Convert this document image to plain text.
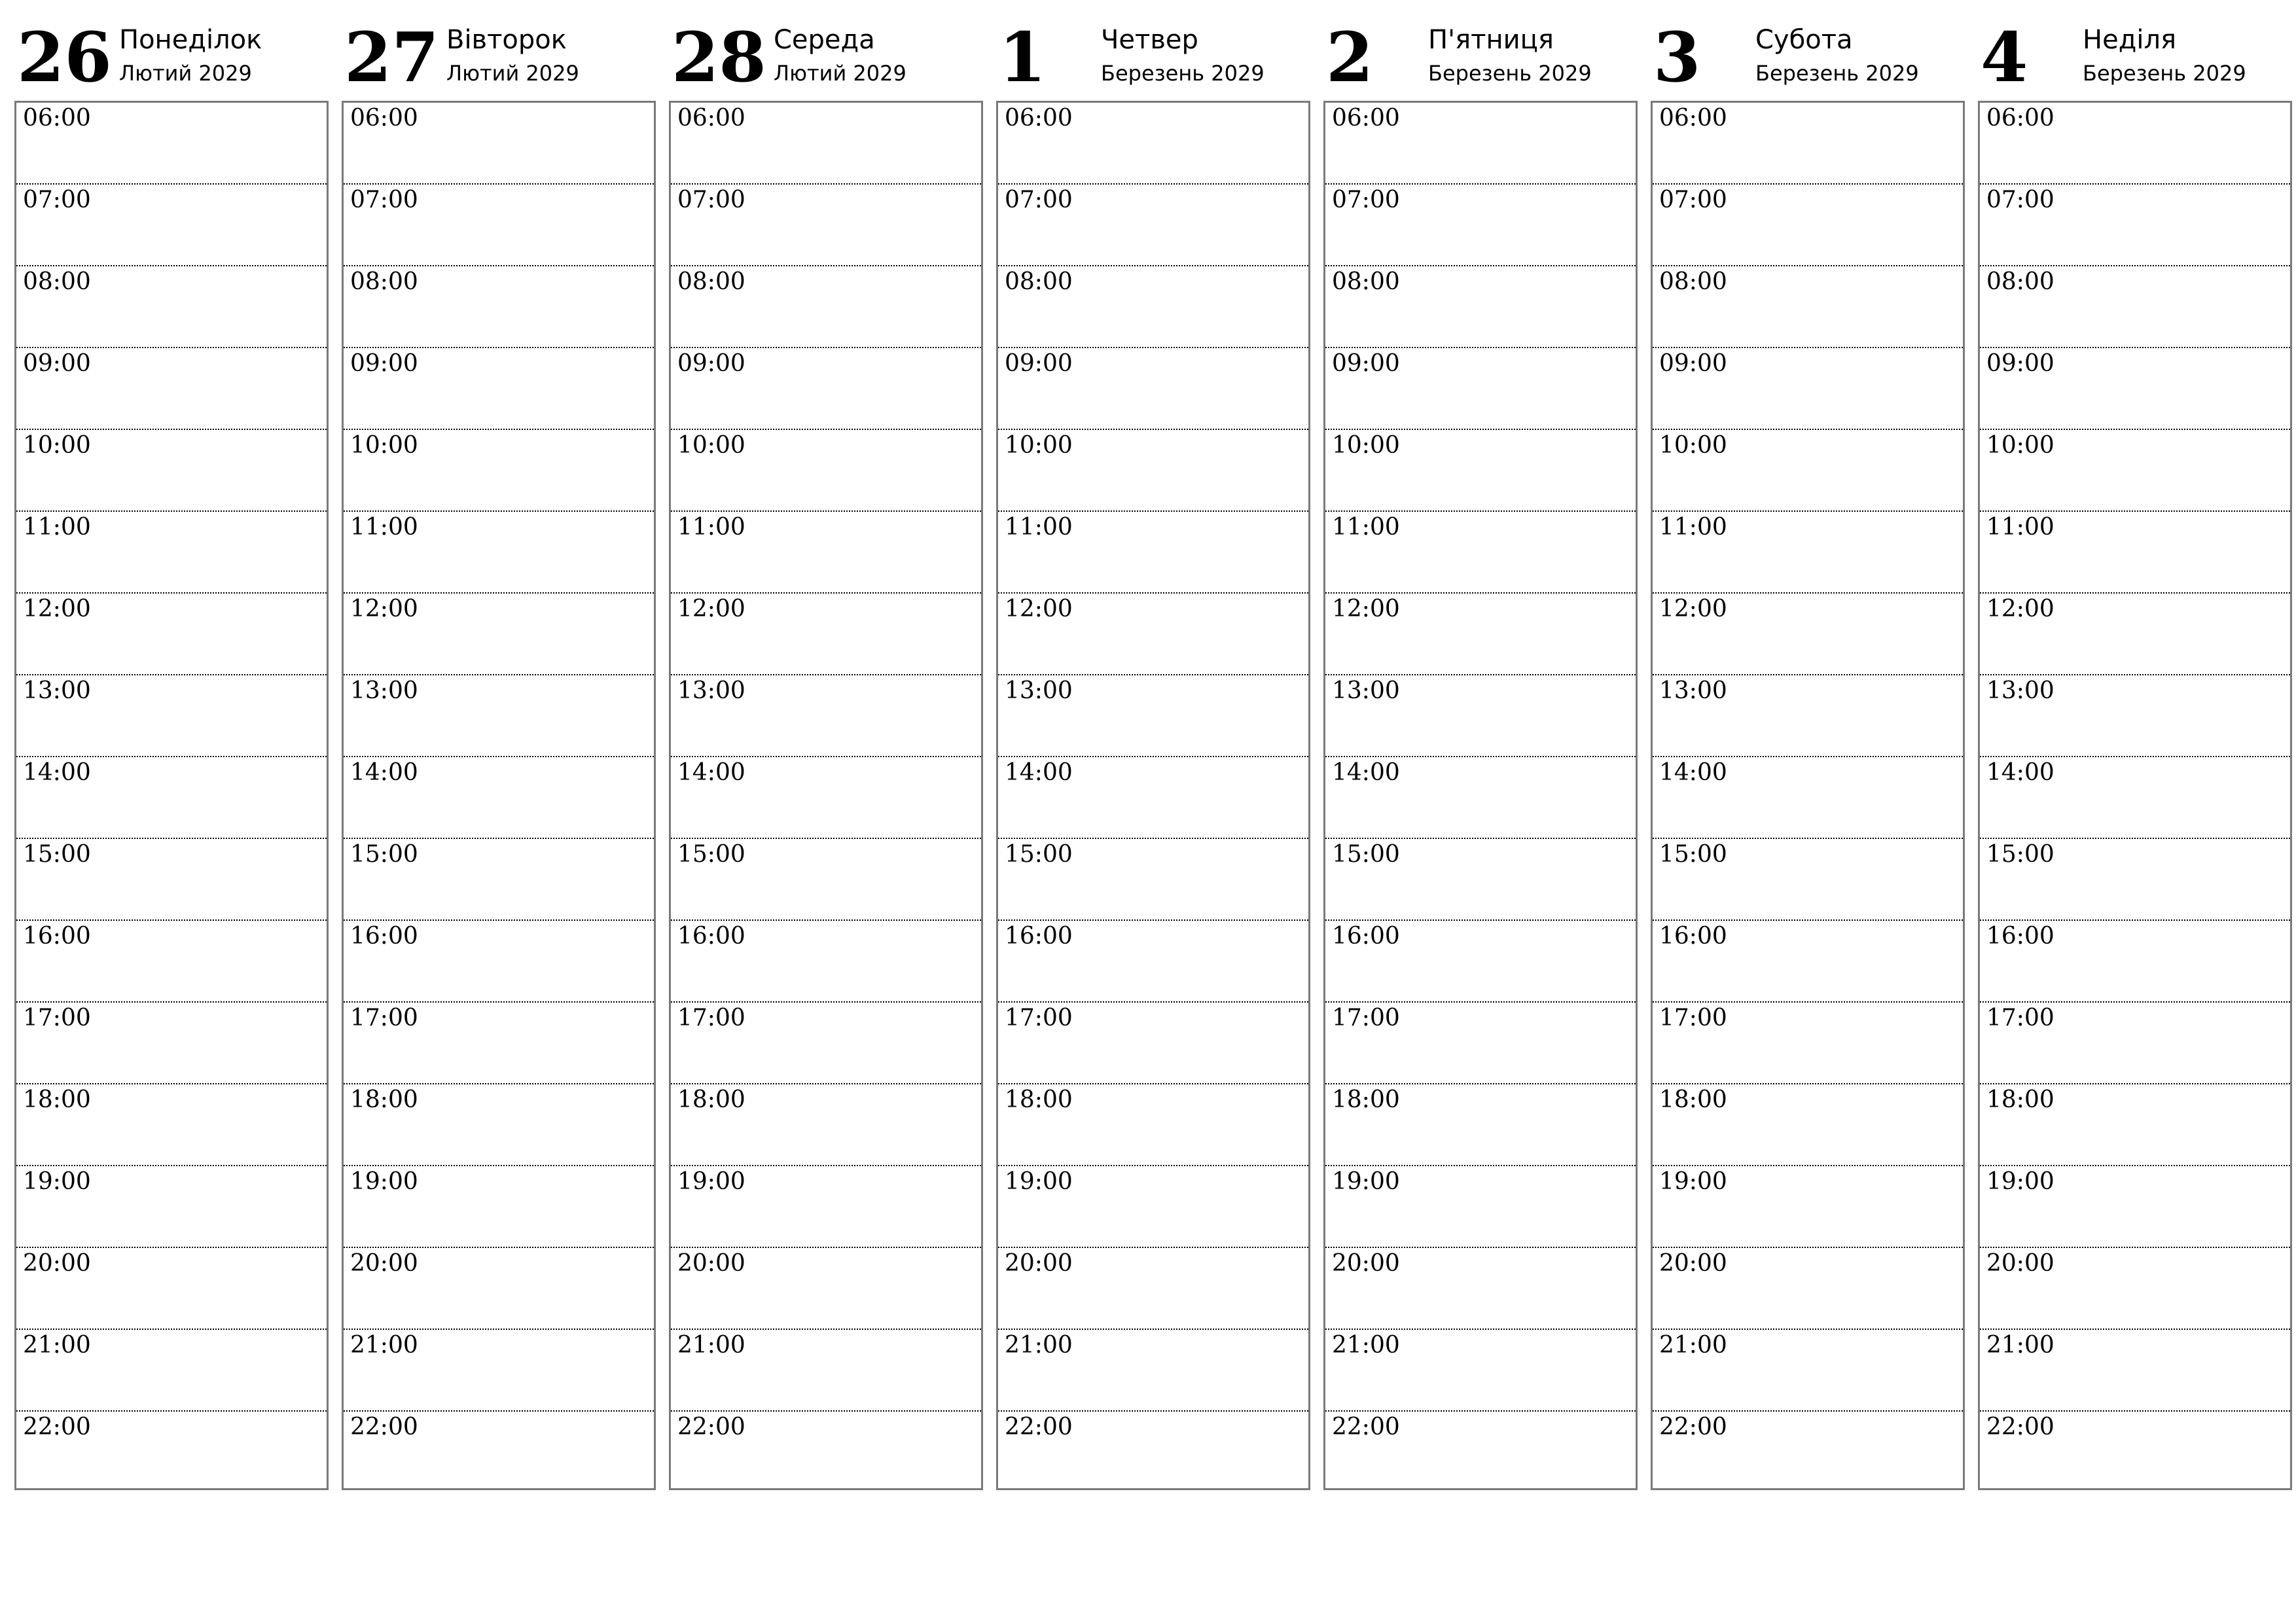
26 Понеділок
Лютий 2029
06:00
07:00
08:00
09:00
10:00
11:00
12:00
13:00
14:00
15:00
16:00
17:00
18:00
19:00
20:00
21:00
22:00
27 Вівторок
Лютий 2029
06:00
07:00
08:00
09:00
10:00
11:00
12:00
13:00
14:00
15:00
16:00
17:00
18:00
19:00
20:00
21:00
22:00
28 Середа
Лютий 2029
06:00
07:00
08:00
09:00
10:00
11:00
12:00
13:00
14:00
15:00
16:00
17:00
18:00
19:00
20:00
21:00
22:00
1 Четвер
Березень 2029
06:00
07:00
08:00
09:00
10:00
11:00
12:00
13:00
14:00
15:00
16:00
17:00
18:00
19:00
20:00
21:00
22:00
2 П'ятниця
Березень 2029
06:00
07:00
08:00
09:00
10:00
11:00
12:00
13:00
14:00
15:00
16:00
17:00
18:00
19:00
20:00
21:00
22:00
3 Субота
Березень 2029
06:00
07:00
08:00
09:00
10:00
11:00
12:00
13:00
14:00
15:00
16:00
17:00
18:00
19:00
20:00
21:00
22:00
4 Неділя
Березень 2029
06:00
07:00
08:00
09:00
10:00
11:00
12:00
13:00
14:00
15:00
16:00
17:00
18:00
19:00
20:00
21:00
22:00
